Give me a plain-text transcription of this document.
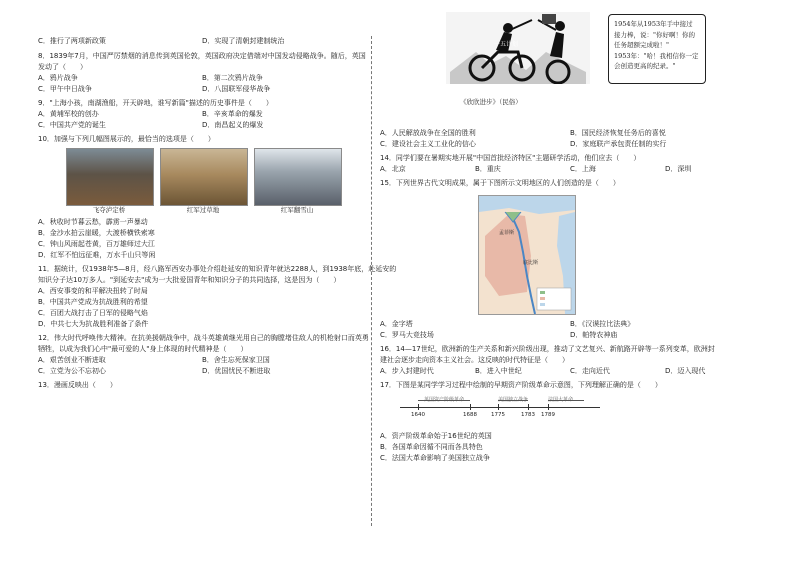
C．推行了两项新政策	D．实现了清朝封建制统治
8．1839年7月，中国严厉禁烟的消息传到英国伦敦，英国政府决定借端对中国发动侵略战争。随后，英国
发动了（　　）
A．鸦片战争	B．第二次鸦片战争
C．甲午中日战争	D．八国联军侵华战争
9．"上海小孩，南湖渔船，开天辟地，谁写新篇"描述的历史事件是（　　）
A．黄埔军校的创办	B．辛亥革命的爆发
C．中国共产党的诞生	D．南昌起义的爆发
10．加强与下列几幅图展示的，最恰当的选项是（　　）
飞夺泸定桥	红军过草地	红军翻雪山
A．秋收时节暮云愁，霹雳一声暴动
B．金沙水拍云崖暖，大渡桥横铁索寒
C．钟山风雨起苍黄，百万雄师过大江
D．红军不怕远征难，万水千山只等闲
11．据统计，仅1938年5—8月，经八路军西安办事处介绍赴延安的知识青年就达2288人，到1938年底，赴延安的
知识分子达10万多人。"到延安去"成为一大批爱国青年和知识分子的共同选择，这是因为（　　）
A．西安事变的和平解决扭转了时局
B．中国共产党成为抗战胜利的希望
C．百团大战打击了日军的侵略气焰
D．中共七大为抗战胜利准备了条件
12．伟大时代呼唤伟大精神。在抗美援朝战争中，战斗英雄黄继光用自己的胸膛堵住敌人的机枪射口而英勇
牺牲，以成为我们心中"最可爱的人"身上体现的时代精神是（　　）
A．艰苦创业不断进取	B．舍生忘死保家卫国
C．立党为公不忘初心	D．优国忧民不断进取
13．漫画反映出（　　）
一五计划
1954年从1953年手中接过
接力棒，说："你好啊！你的
任务超额完成啦！"
1953年："哈！我相信你一定
会创造更高的纪录。"
《欣欣进步》（民俗）
A．人民解放战争在全国的胜利	B．国民经济恢复任务后的喜悦
C．建设社会主义工业化的信心	D．家庭联产承包责任制的实行
14．同学们要在暑期实地开展"中国首批经济特区"主题研学活动，他们应去（　　）
A．北京	B．重庆	C．上海	D．深圳
15．下列世界古代文明成果，属于下图所示文明地区的人们创造的是（　　）
孟菲斯
底比斯
A．金字塔	B．《汉谟拉比法典》
C．罗马大竞技场	D．帕特农神庙
16．14—17世纪，欧洲新的生产关系和新兴阶级出现，推动了文艺复兴、新航路开辟等一系列变革，欧洲封
建社会逐步走向资本主义社会。这反映的时代特征是（　　）
A．步入封建时代	B．进入中世纪	C．走向近代	D．迈入现代
17．下图是某同学学习过程中绘制的早期资产阶级革命示意图，下列理解正确的是（　　）
英国资产阶级革命	美国独立战争	法国大革命
1640	1688	1775	1783 1789
A．资产阶级革命始于16世纪的英国
B．各国革命因循不同而各具特色
C．法国大革命影响了美国独立战争
